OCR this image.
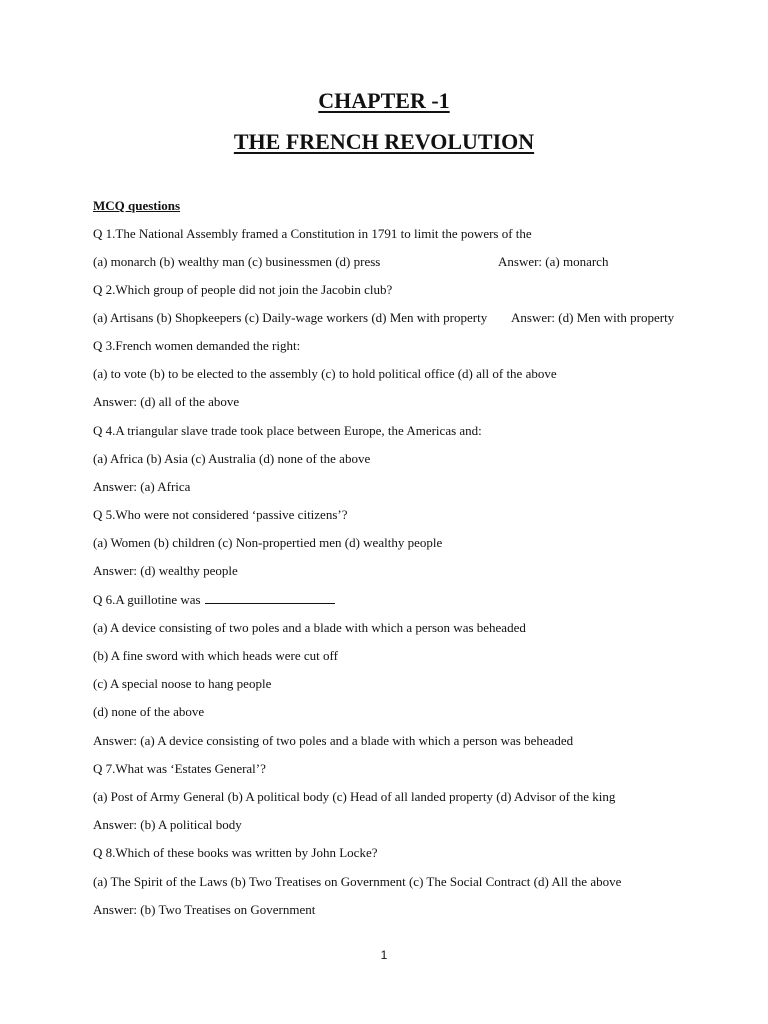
CHAPTER -1
THE FRENCH REVOLUTION
MCQ questions
Q 1.The National Assembly framed a Constitution in 1791 to limit the powers of the
(a) monarch (b) wealthy man (c) businessmen (d) press	Answer: (a) monarch
Q 2.Which group of people did not join the Jacobin club?
(a) Artisans (b) Shopkeepers (c) Daily-wage workers (d) Men with property Answer: (d) Men with property
Q 3.French women demanded the right:
(a) to vote (b) to be elected to the assembly (c) to hold political office (d) all of the above
Answer: (d) all of the above
Q 4.A triangular slave trade took place between Europe, the Americas and:
(a) Africa (b) Asia (c) Australia (d) none of the above
Answer: (a) Africa
Q 5.Who were not considered ‘passive citizens’?
(a) Women (b) children (c) Non-propertied men (d) wealthy people
Answer: (d) wealthy people
Q 6.A guillotine was
(a) A device consisting of two poles and a blade with which a person was beheaded
(b) A fine sword with which heads were cut off
(c) A special noose to hang people
(d) none of the above
Answer: (a) A device consisting of two poles and a blade with which a person was beheaded
Q 7.What was ‘Estates General’?
(a) Post of Army General (b) A political body (c) Head of all landed property (d) Advisor of the king
Answer: (b) A political body
Q 8.Which of these books was written by John Locke?
(a) The Spirit of the Laws (b) Two Treatises on Government (c) The Social Contract (d) All the above
Answer: (b) Two Treatises on Government
1
